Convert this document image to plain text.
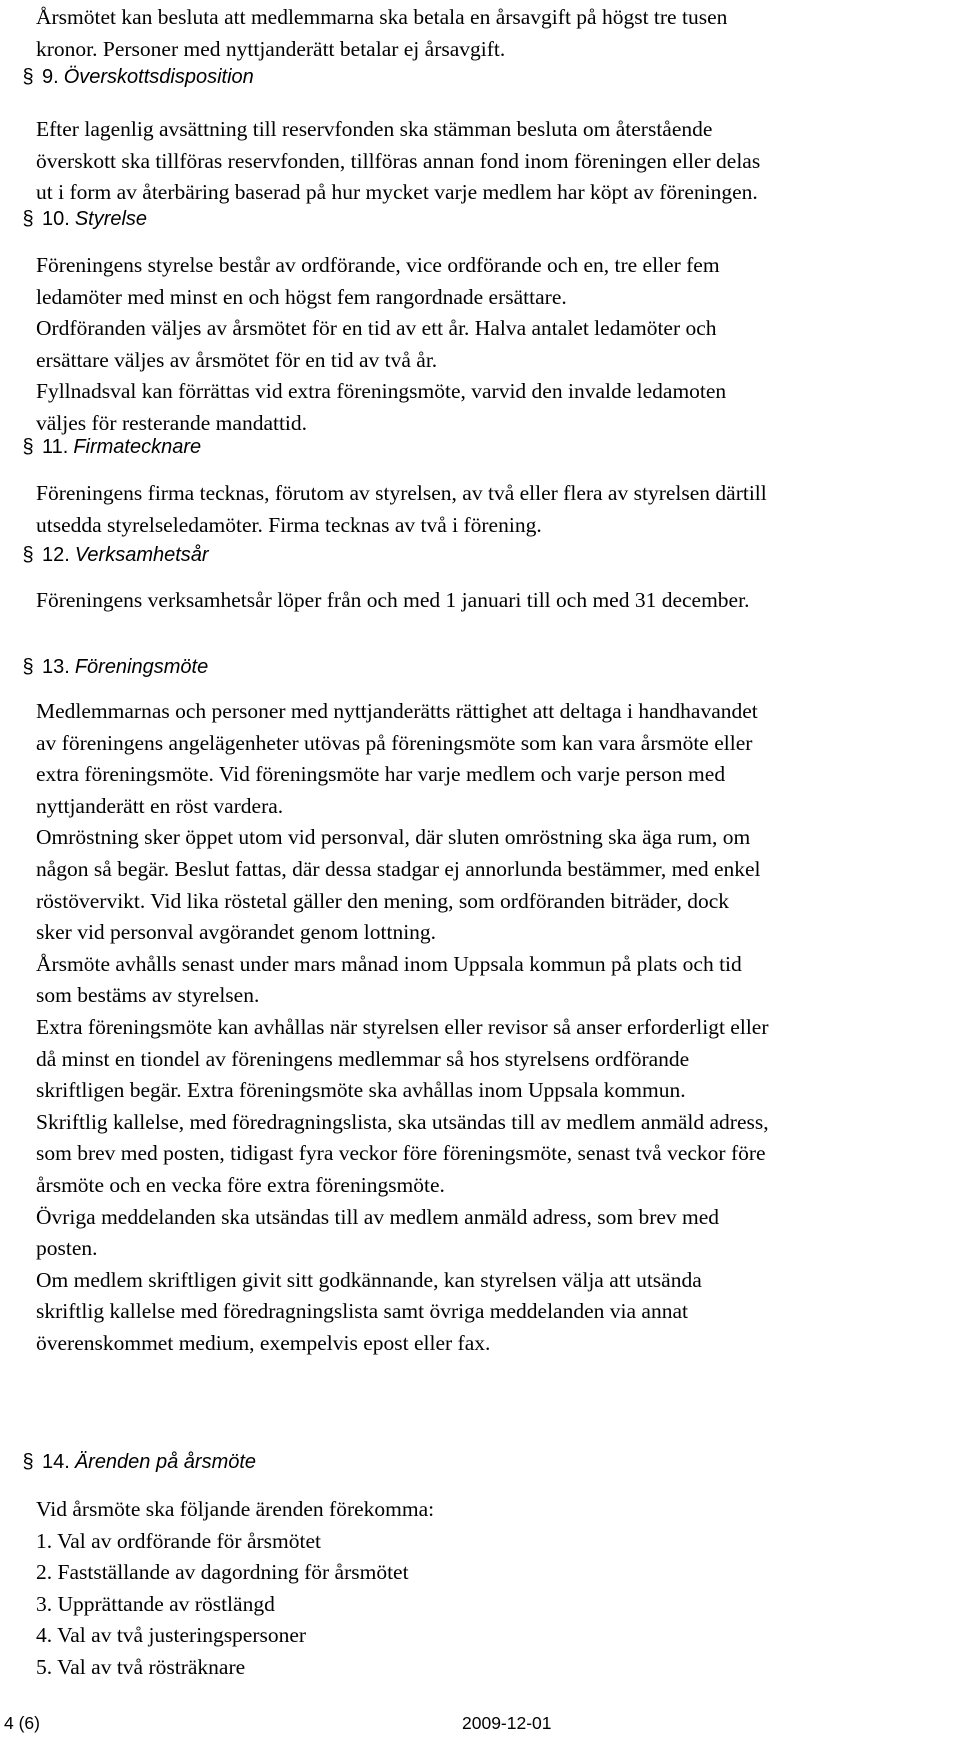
Årsmötet kan besluta att medlemmarna ska betala en årsavgift på högst tre tusen

kronor. Personer med nyttjanderätt betalar ej årsavgift.

§ 9. Överskottsdisposition

Efter lagenlig avsättning till reservfonden ska stämman besluta om återstående

överskott ska tillföras reservfonden, tillföras annan fond inom föreningen eller delas

ut i form av återbäring baserad på hur mycket varje medlem har köpt av föreningen.

§ 10. Styrelse

Föreningens styrelse består av ordförande, vice ordförande och en, tre eller fem

ledamöter med minst en och högst fem rangordnade ersättare.

Ordföranden väljes av årsmötet för en tid av ett år. Halva antalet ledamöter och

ersättare väljes av årsmötet för en tid av två år.

Fyllnadsval kan förrättas vid extra föreningsmöte, varvid den invalde ledamoten

väljes för resterande mandattid.

§ 11. Firmatecknare

Föreningens firma tecknas, förutom av styrelsen, av två eller flera av styrelsen därtill

utsedda styrelseledamöter. Firma tecknas av två i förening.

§ 12. Verksamhetsår

Föreningens verksamhetsår löper från och med 1 januari till och med 31 december.

§ 13. Föreningsmöte

Medlemmarnas och personer med nyttjanderätts rättighet att deltaga i handhavandet

av föreningens angelägenheter utövas på föreningsmöte som kan vara årsmöte eller

extra föreningsmöte. Vid föreningsmöte har varje medlem och varje person med

nyttjanderätt en röst vardera.

Omröstning sker öppet utom vid personval, där sluten omröstning ska äga rum, om

någon så begär. Beslut fattas, där dessa stadgar ej annorlunda bestämmer, med enkel

röstövervikt. Vid lika röstetal gäller den mening, som ordföranden biträder, dock

sker vid personval avgörandet genom lottning.

Årsmöte avhålls senast under mars månad inom Uppsala kommun på plats och tid

som bestäms av styrelsen.

Extra föreningsmöte kan avhållas när styrelsen eller revisor så anser erforderligt eller

då minst en tiondel av föreningens medlemmar så hos styrelsens ordförande

skriftligen begär. Extra föreningsmöte ska avhållas inom Uppsala kommun.

Skriftlig kallelse, med föredragningslista, ska utsändas till av medlem anmäld adress,

som brev med posten, tidigast fyra veckor före föreningsmöte, senast två veckor före

årsmöte och en vecka före extra föreningsmöte.

Övriga meddelanden ska utsändas till av medlem anmäld adress, som brev med

posten.

Om medlem skriftligen givit sitt godkännande, kan styrelsen välja att utsända

skriftlig kallelse med föredragningslista samt övriga meddelanden via annat

överenskommet medium, exempelvis epost eller fax.

§ 14. Ärenden på årsmöte

Vid årsmöte ska följande ärenden förekomma:

1. Val av ordförande för årsmötet

2. Fastställande av dagordning för årsmötet

3. Upprättande av röstlängd

4. Val av två justeringspersoner

5. Val av två rösträknare

4 (6)	2009-12-01
